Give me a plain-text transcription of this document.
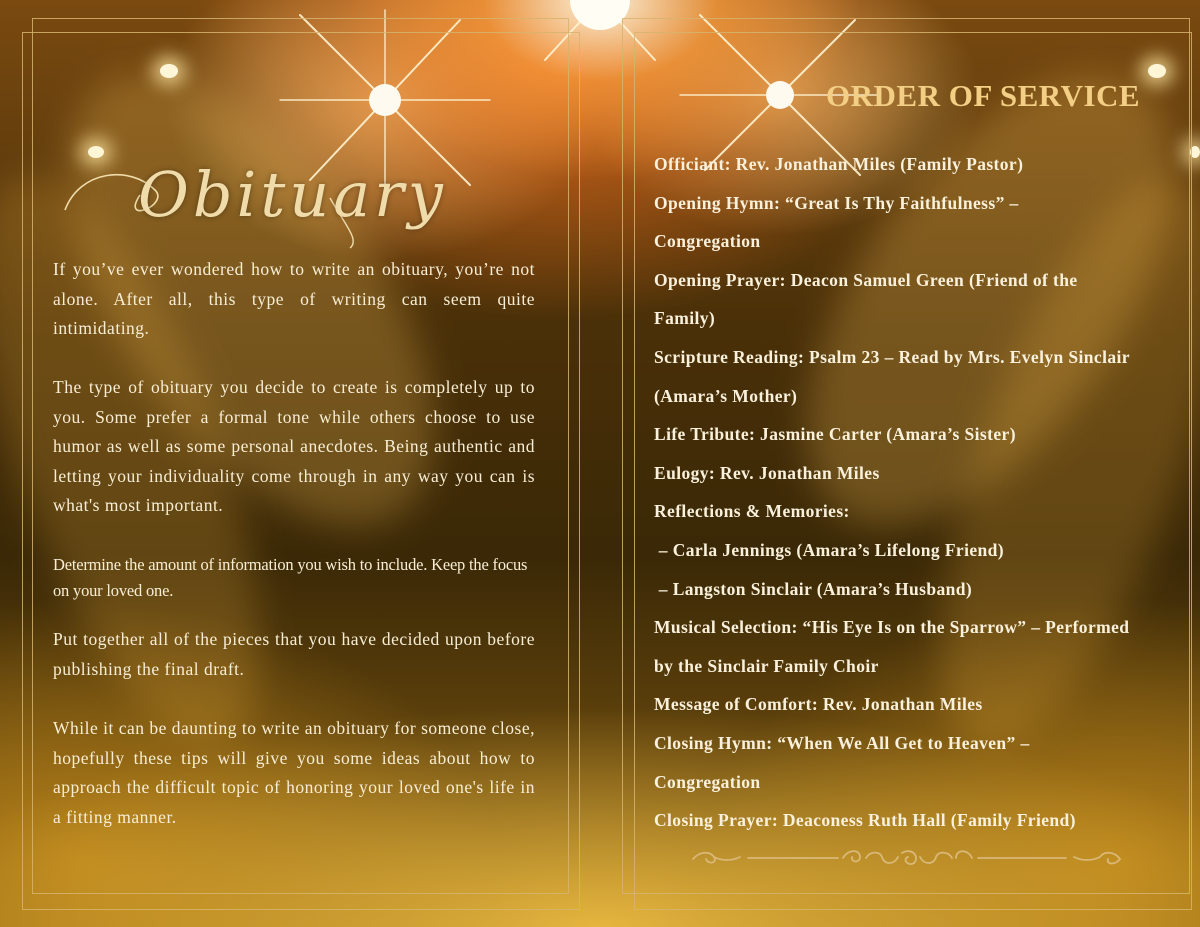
Obituary

If you’ve ever wondered how to write an obituary, you’re not alone. After all, this type of writing can seem quite intimidating.

The type of obituary you decide to create is completely up to you. Some prefer a formal tone while others choose to use humor as well as some personal anecdotes. Being authentic and letting your individuality come through in any way you can is what's most important.

Determine the amount of information you wish to include. Keep the focus on your loved one.

Put together all of the pieces that you have decided upon before publishing the final draft.

While it can be daunting to write an obituary for someone close, hopefully these tips will give you some ideas about how to approach the difficult topic of honoring your loved one's life in a fitting manner.

ORDER OF SERVICE
Officiant: Rev. Jonathan Miles (Family Pastor)
Opening Hymn: “Great Is Thy Faithfulness” –
Congregation
Opening Prayer: Deacon Samuel Green (Friend of the
Family)
Scripture Reading: Psalm 23 – Read by Mrs. Evelyn Sinclair
(Amara’s Mother)
Life Tribute: Jasmine Carter (Amara’s Sister)
Eulogy: Rev. Jonathan Miles
Reflections & Memories:
– Carla Jennings (Amara’s Lifelong Friend)
– Langston Sinclair (Amara’s Husband)
Musical Selection: “His Eye Is on the Sparrow” – Performed
by the Sinclair Family Choir
Message of Comfort: Rev. Jonathan Miles
Closing Hymn: “When We All Get to Heaven” –
Congregation
Closing Prayer: Deaconess Ruth Hall (Family Friend)
